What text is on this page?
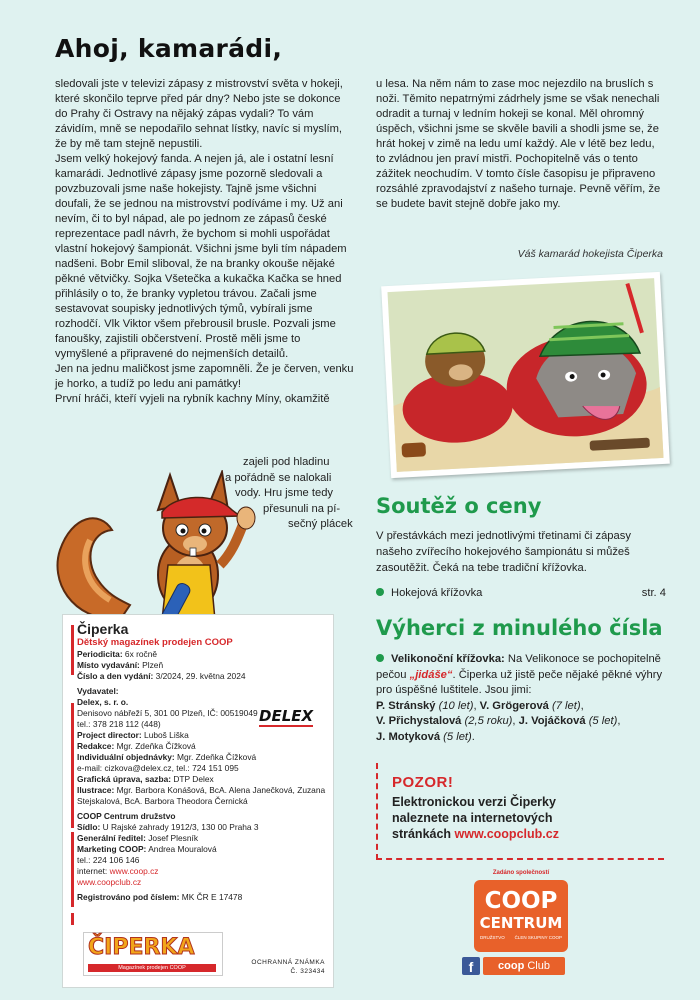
Ahoj, kamarádi,

sledovali jste v televizi zápasy z mistrovství světa v hokeji, které skončilo teprve před pár dny? Nebo jste se dokonce do Prahy či Ostravy na nějaký zápas vydali? To vám závidím, mně se nepodařilo sehnat lístky, navíc si myslím, že by mě tam stejně nepustili.

Jsem velký hokejový fanda. A nejen já, ale i ostatní lesní kamarádi. Jednotlivé zápasy jsme pozorně sledovali a povzbuzovali jsme naše hokejisty. Tajně jsme všichni doufali, že se jednou na mistrovství podíváme i my. Už ani nevím, či to byl nápad, ale po jednom ze zápasů české reprezentace padl návrh, že bychom si mohli uspořádat vlastní hokejový šampionát. Všichni jsme byli tím nápadem nadšeni. Bobr Emil sliboval, že na branky okouše nějaké pěkné větvičky. Sojka Všetečka a kukačka Kačka se hned přihlásily o to, že branky vypletou trávou. Začali jsme sestavovat soupisky jednotlivých týmů, vybírali jsme rozhodčí. Vlk Viktor všem přebrousil brusle. Pozvali jsme fanoušky, zajistili občerstvení. Prostě měli jsme to vymyšlené a připravené do nejmenších detailů.

Jen na jednu maličkost jsme zapomněli. Že je červen, venku je horko, a tudíž po ledu ani památky!

První hráči, kteří vyjeli na rybník kachny Míny, okamžitě

zajeli pod hladinu
a pořádně se nalokali
vody. Hru jsme tedy
přesunuli na pí-
sečný plácek

u lesa. Na něm nám to zase moc nejezdilo na bruslích s noži. Těmito nepatrnými zádrhely jsme se však nenechali odradit a turnaj v ledním hokeji se konal. Měl ohromný úspěch, všichni jsme se skvěle bavili a shodli jsme se, že hrát hokej v zimě na ledu umí každý. Ale v létě bez ledu, to zvládnou jen praví mistři. Pochopitelně vás o tento zážitek neochudím. V tomto čísle časopisu je připraveno rozsáhlé zpravodajství z našeho turnaje. Pevně věřím, že se budete bavit stejně dobře jako my.

Váš kamarád hokejista Čiperka
Soutěž o ceny
V přestávkách mezi jednotlivými třetinami či zápasy našeho zvířecího hokejového šampionátu si můžeš zasoutěžit. Čeká na tebe tradiční křížovka.
Hokejová křížovka	str. 4
Výherci z minulého čísla
Velikonoční křížovka: Na Velikonoce se pochopitelně pečou „jidáše“. Čiperka už jistě peče nějaké pěkné výhry pro úspěšné luštitele. Jsou jimi:
P. Stránský (10 let), V. Grögerová (7 let),
V. Přichystalová (2,5 roku), J. Vojáčková (5 let),
J. Motyková (5 let).
POZOR!
Elektronickou verzi Čiperky
naleznete na internetových
stránkách www.coopclub.cz
Zadáno společností
COOP
CENTRUM
DRUŽSTVO ČLEN SKUPINY COOP
f	coop Club
Čiperka
Dětský magazínek prodejen COOP
Periodicita: 6x ročně
Místo vydavání: Plzeň
Číslo a den vydání: 3/2024, 29. května 2024
Vydavatel:
Delex, s. r. o.
Denisovo nábřeží 5, 301 00 Plzeň, IČ: 00519049
tel.: 378 218 112 (448)
Project director: Luboš Liška
Redakce: Mgr. Zdeňka Čížková
Individuální objednávky: Mgr. Zdeňka Čížková
e-mail: cizkova@delex.cz, tel.: 724 151 095
Grafická úprava, sazba: DTP Delex
Ilustrace: Mgr. Barbora Konášová, BcA. Alena Janečková, Zuzana Stejskalová, BcA. Barbora Theodora Černická
COOP Centrum družstvo
Sídlo: U Rajské zahrady 1912/3, 130 00 Praha 3
Generální ředitel: Josef Plesník
Marketing COOP: Andrea Mouralová
tel.: 224 106 146
internet: www.coop.cz
www.coopclub.cz
Registrováno pod číslem: MK ČR E 17478
DELEX
ČIPERKA
Magazínek prodejen COOP
OCHRANNÁ ZNÁMKA
Č. 323434
